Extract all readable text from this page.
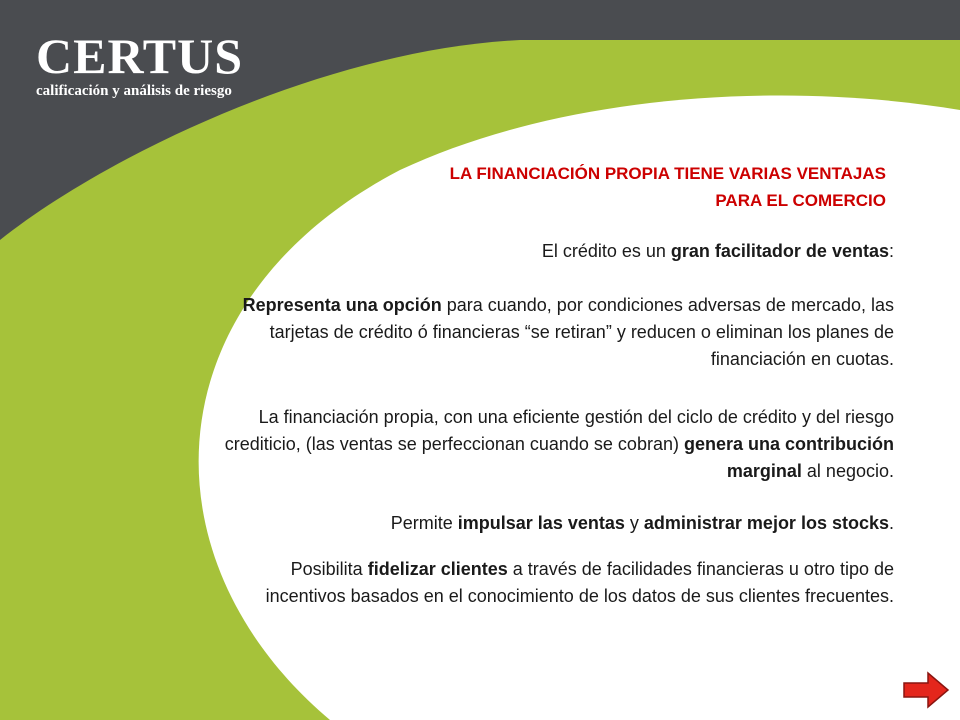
CERTUS
calificación y análisis de riesgo
LA FINANCIACIÓN PROPIA TIENE VARIAS VENTAJAS
PARA EL COMERCIO
El crédito es un gran facilitador de ventas:
Representa una opción para cuando, por condiciones adversas de mercado, las tarjetas de crédito ó financieras “se retiran” y reducen o eliminan los planes de financiación en cuotas.
La financiación propia, con una eficiente gestión del ciclo de crédito y del riesgo crediticio, (las ventas se perfeccionan cuando se cobran) genera una contribución marginal al negocio.
Permite impulsar las ventas y administrar mejor los stocks.
Posibilita fidelizar clientes a través de facilidades financieras u otro tipo de incentivos basados en el conocimiento de los datos de sus clientes frecuentes.
